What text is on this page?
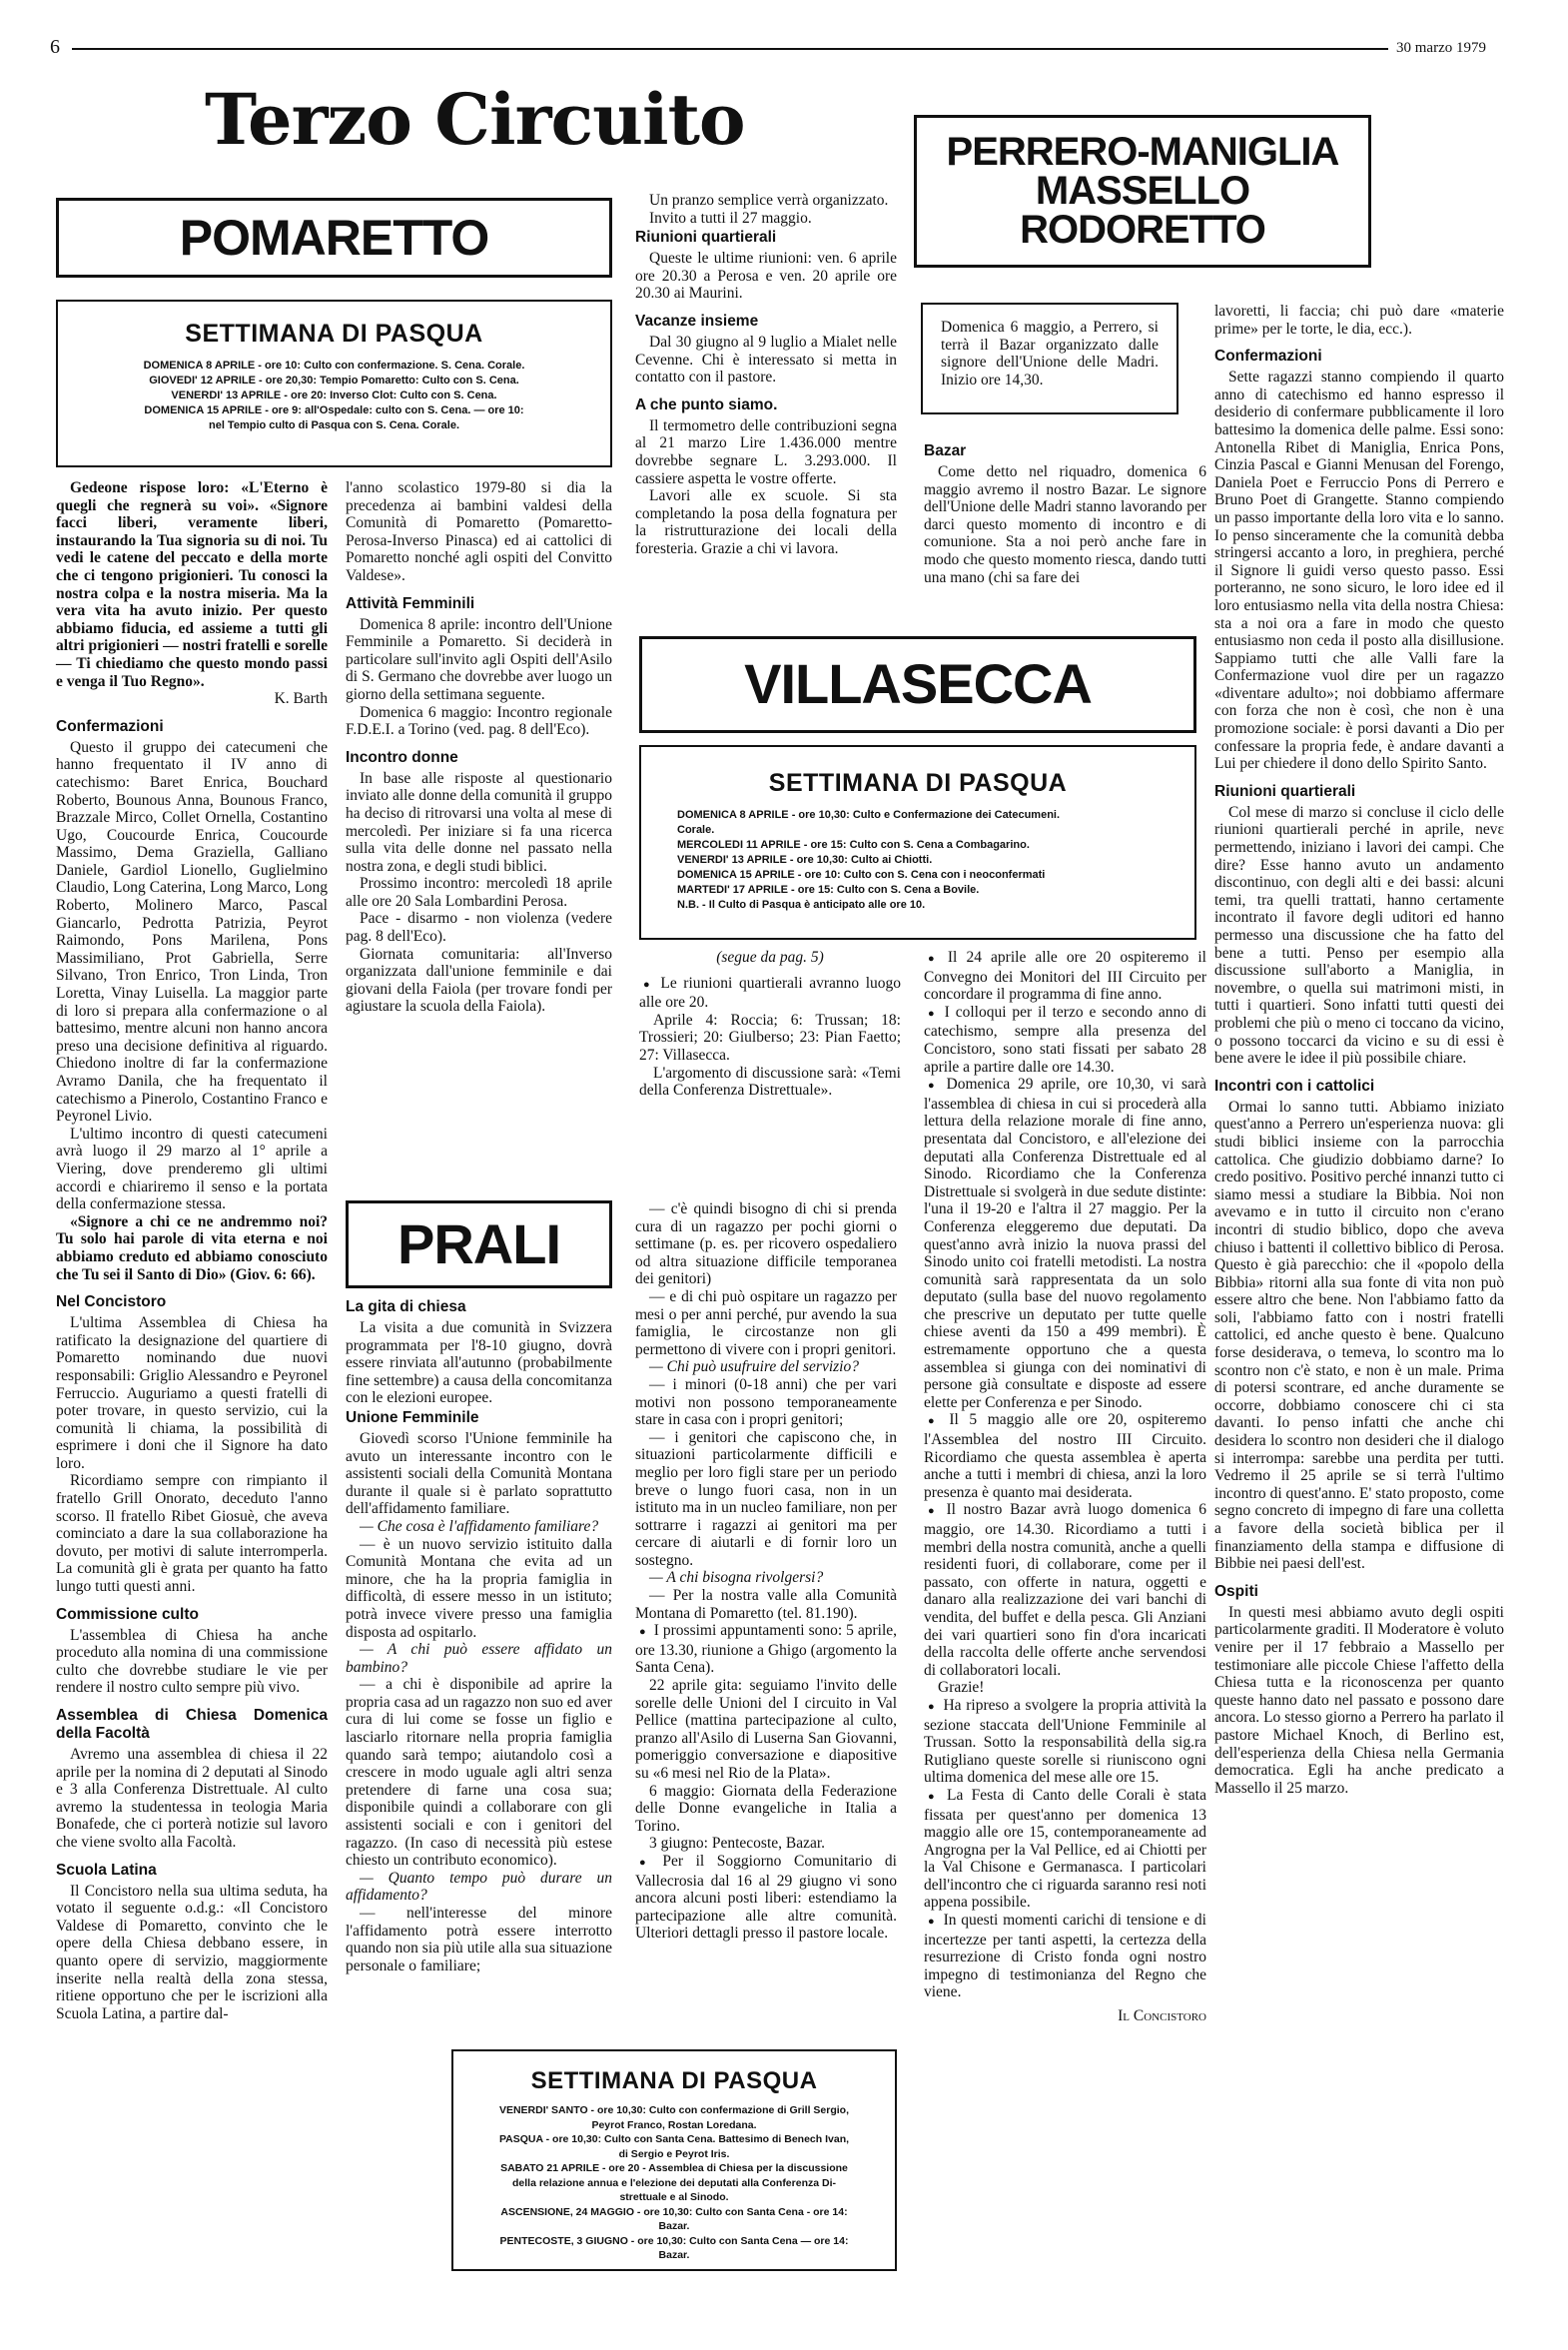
6	30 marzo 1979
Terzo Circuito
POMARETTO
SETTIMANA DI PASQUA
DOMENICA 8 APRILE - ore 10: Culto con confermazione. S. Cena. Corale.
GIOVEDI' 12 APRILE - ore 20,30: Tempio Pomaretto: Culto con S. Cena.
VENERDI' 13 APRILE - ore 20: Inverso Clot: Culto con S. Cena.
DOMENICA 15 APRILE - ore 9: all'Ospedale: culto con S. Cena. — ore 10:
nel Tempio culto di Pasqua con S. Cena. Corale.

Gedeone rispose loro: «L'Eterno è quegli che regnerà su voi». «Signore facci liberi, veramente liberi, instaurando la Tua signoria su di noi. Tu vedi le catene del peccato e della morte che ci tengono prigionieri. Tu conosci la nostra colpa e la nostra miseria. Ma la vera vita ha avuto inizio. Per questo abbiamo fiducia, ed assieme a tutti gli altri prigionieri — nostri fratelli e sorelle — Ti chiediamo che questo mondo passi e venga il Tuo Regno».

K. Barth

Confermazioni

Questo il gruppo dei catecumeni che hanno frequentato il IV anno di catechismo: Baret Enrica, Bouchard Roberto, Bounous Anna, Bounous Franco, Brazzale Mirco, Collet Ornella, Costantino Ugo, Coucourde Enrica, Coucourde Massimo, Dema Graziella, Galliano Daniele, Gardiol Lionello, Guglielmino Claudio, Long Caterina, Long Marco, Long Roberto, Molinero Marco, Pascal Giancarlo, Pedrotta Patrizia, Peyrot Raimondo, Pons Marilena, Pons Massimiliano, Prot Gabriella, Serre Silvano, Tron Enrico, Tron Linda, Tron Loretta, Vinay Luisella. La maggior parte di loro si prepara alla confermazione o al battesimo, mentre alcuni non hanno ancora preso una decisione definitiva al riguardo. Chiedono inoltre di far la confermazione Avramo Danila, che ha frequentato il catechismo a Pinerolo, Costantino Franco e Peyronel Livio.

L'ultimo incontro di questi catecumeni avrà luogo il 29 marzo al 1° aprile a Viering, dove prenderemo gli ultimi accordi e chiariremo il senso e la portata della confermazione stessa.

«Signore a chi ce ne andremmo noi? Tu solo hai parole di vita eterna e noi abbiamo creduto ed abbiamo conosciuto che Tu sei il Santo di Dio» (Giov. 6: 66).

Nel Concistoro

L'ultima Assemblea di Chiesa ha ratificato la designazione del quartiere di Pomaretto nominando due nuovi responsabili: Griglio Alessandro e Peyronel Ferruccio. Auguriamo a questi fratelli di poter trovare, in questo servizio, cui la comunità li chiama, la possibilità di esprimere i doni che il Signore ha dato loro.

Ricordiamo sempre con rimpianto il fratello Grill Onorato, deceduto l'anno scorso. Il fratello Ribet Giosuè, che aveva cominciato a dare la sua collaborazione ha dovuto, per motivi di salute interromperla. La comunità gli è grata per quanto ha fatto lungo tutti questi anni.

Commissione culto

L'assemblea di Chiesa ha anche proceduto alla nomina di una commissione culto che dovrebbe studiare le vie per rendere il nostro culto sempre più vivo.

Assemblea di Chiesa Domenica della Facoltà

Avremo una assemblea di chiesa il 22 aprile per la nomina di 2 deputati al Sinodo e 3 alla Conferenza Distrettuale. Al culto avremo la studentessa in teologia Maria Bonafede, che ci porterà notizie sul lavoro che viene svolto alla Facoltà.

Scuola Latina

Il Concistoro nella sua ultima seduta, ha votato il seguente o.d.g.: «Il Concistoro Valdese di Pomaretto, convinto che le opere della Chiesa debbano essere, in quanto opere di servizio, maggiormente inserite nella realtà della zona stessa, ritiene opportuno che per le iscrizioni alla Scuola Latina, a partire dal-

l'anno scolastico 1979-80 si dia la precedenza ai bambini valdesi della Comunità di Pomaretto (Pomaretto-Perosa-Inverso Pinasca) ed ai cattolici di Pomaretto nonché agli ospiti del Convitto Valdese».

Attività Femminili

Domenica 8 aprile: incontro dell'Unione Femminile a Pomaretto. Si deciderà in particolare sull'invito agli Ospiti dell'Asilo di S. Germano che dovrebbe aver luogo un giorno della settimana seguente.

Domenica 6 maggio: Incontro regionale F.D.E.I. a Torino (ved. pag. 8 dell'Eco).

Incontro donne

In base alle risposte al questionario inviato alle donne della comunità il gruppo ha deciso di ritrovarsi una volta al mese di mercoledì. Per iniziare si fa una ricerca sulla vita delle donne nel passato nella nostra zona, e degli studi biblici.

Prossimo incontro: mercoledì 18 aprile alle ore 20 Sala Lombardini Perosa.

Pace - disarmo - non violenza (vedere pag. 8 dell'Eco).

Giornata comunitaria: all'Inverso organizzata dall'unione femminile e dai giovani della Faiola (per trovare fondi per agiustare la scuola della Faiola).

Un pranzo semplice verrà organizzato.

Invito a tutti il 27 maggio.

Riunioni quartierali

Queste le ultime riunioni: ven. 6 aprile ore 20.30 a Perosa e ven. 20 aprile ore 20.30 ai Maurini.

Vacanze insieme

Dal 30 giugno al 9 luglio a Mialet nelle Cevenne. Chi è interessato si metta in contatto con il pastore.

A che punto siamo.

Il termometro delle contribuzioni segna al 21 marzo Lire 1.436.000 mentre dovrebbe segnare L. 3.293.000. Il cassiere aspetta le vostre offerte.

Lavori alle ex scuole. Si sta completando la posa della fognatura per la ristrutturazione dei locali della foresteria. Grazie a chi vi lavora.

PERRERO-MANIGLIA
MASSELLO
RODORETTO
Domenica 6 maggio, a Perrero, si terrà il Bazar organizzato dalle signore dell'Unione delle Madri. Inizio ore 14,30.
Bazar

Come detto nel riquadro, domenica 6 maggio avremo il nostro Bazar. Le signore dell'Unione delle Madri stanno lavorando per darci questo momento di incontro e di comunione. Sta a noi però anche fare in modo che questo momento riesca, dando tutti una mano (chi sa fare dei

lavoretti, li faccia; chi può dare «materie prime» per le torte, le dia, ecc.).

Confermazioni

Sette ragazzi stanno compiendo il quarto anno di catechismo ed hanno espresso il desiderio di confermare pubblicamente il loro battesimo la domenica delle palme. Essi sono: Antonella Ribet di Maniglia, Enrica Pons, Cinzia Pascal e Gianni Menusan del Forengo, Daniela Poet e Ferruccio Pons di Perrero e Bruno Poet di Grangette. Stanno compiendo un passo importante della loro vita e lo sanno. Io penso sinceramente che la comunità debba stringersi accanto a loro, in preghiera, perché il Signore li guidi verso questo passo. Essi porteranno, ne sono sicuro, le loro idee ed il loro entusiasmo nella vita della nostra Chiesa: sta a noi ora a fare in modo che questo entusiasmo non ceda il posto alla disillusione. Sappiamo tutti che alle Valli fare la Confermazione vuol dire per un ragazzo «diventare adulto»; noi dobbiamo affermare con forza che non è così, che non è una promozione sociale: è porsi davanti a Dio per confessare la propria fede, è andare davanti a Lui per chiedere il dono dello Spirito Santo.

Riunioni quartierali

Col mese di marzo si concluse il ciclo delle riunioni quartierali perché in aprile, nevε permettendo, iniziano i lavori dei campi. Che dire? Esse hanno avuto un andamento discontinuo, con degli alti e dei bassi: alcuni temi, tra quelli trattati, hanno certamente incontrato il favore degli uditori ed hanno permesso una discussione che ha fatto del bene a tutti. Penso per esempio alla discussione sull'aborto a Maniglia, in novembre, o quella sui matrimoni misti, in tutti i quartieri. Sono infatti tutti questi dei problemi che più o meno ci toccano da vicino, o possono toccarci da vicino e su di essi è bene avere le idee il più possibile chiare.

Incontri con i cattolici

Ormai lo sanno tutti. Abbiamo iniziato quest'anno a Perrero un'esperienza nuova: gli studi biblici insieme con la parrocchia cattolica. Che giudizio dobbiamo darne? Io credo positivo. Positivo perché innanzi tutto ci siamo messi a studiare la Bibbia. Noi non avevamo e in tutto il circuito non c'erano incontri di studio biblico, dopo che aveva chiuso i battenti il collettivo biblico di Perosa. Questo è già parecchio: che il «popolo della Bibbia» ritorni alla sua fonte di vita non può essere altro che bene. Non l'abbiamo fatto da soli, l'abbiamo fatto con i nostri fratelli cattolici, ed anche questo è bene. Qualcuno forse desiderava, o temeva, lo scontro ma lo scontro non c'è stato, e non è un male. Prima di potersi scontrare, ed anche duramente se occorre, dobbiamo conoscere chi ci sta davanti. Io penso infatti che anche chi desidera lo scontro non desideri che il dialogo si interrompa: sarebbe una perdita per tutti. Vedremo il 25 aprile se si terrà l'ultimo incontro di quest'anno. E' stato proposto, come segno concreto di impegno di fare una colletta a favore della società biblica per il finanziamento della stampa e diffusione di Bibbie nei paesi dell'est.

Ospiti

In questi mesi abbiamo avuto degli ospiti particolarmente graditi. Il Moderatore è voluto venire per il 17 febbraio a Massello per testimoniare alle piccole Chiese l'affetto della Chiesa tutta e la riconoscenza per quanto queste hanno dato nel passato e possono dare ancora. Lo stesso giorno a Perrero ha parlato il pastore Michael Knoch, di Berlino est, dell'esperienza della Chiesa nella Germania democratica. Egli ha anche predicato a Massello il 25 marzo.

VILLASECCA
SETTIMANA DI PASQUA
DOMENICA 8 APRILE - ore 10,30: Culto e Confermazione dei Catecumeni.
Corale.
MERCOLEDI 11 APRILE - ore 15: Culto con S. Cena a Combagarino.
VENERDI' 13 APRILE - ore 10,30: Culto ai Chiotti.
DOMENICA 15 APRILE - ore 10: Culto con S. Cena con i neoconfermati
MARTEDI' 17 APRILE - ore 15: Culto con S. Cena a Bovile.
N.B. - Il Culto di Pasqua è anticipato alle ore 10.

(segue da pag. 5)

● Le riunioni quartierali avranno luogo alle ore 20.

Aprile 4: Roccia; 6: Trussan; 18: Trossieri; 20: Giulberso; 23: Pian Faetto; 27: Villasecca.

L'argomento di discussione sarà: «Temi della Conferenza Distrettuale».

● Il 24 aprile alle ore 20 ospiteremo il Convegno dei Monitori del III Circuito per concordare il programma di fine anno.

● I colloqui per il terzo e secondo anno di catechismo, sempre alla presenza del Concistoro, sono stati fissati per sabato 28 aprile a partire dalle ore 14.30.

● Domenica 29 aprile, ore 10,30, vi sarà l'assemblea di chiesa in cui si procederà alla lettura della relazione morale di fine anno, presentata dal Concistoro, e all'elezione dei deputati alla Conferenza Distrettuale ed al Sinodo. Ricordiamo che la Conferenza Distrettuale si svolgerà in due sedute distinte: l'una il 19-20 e l'altra il 27 maggio. Per la Conferenza eleggeremo due deputati. Da quest'anno avrà inizio la nuova prassi del Sinodo unito coi fratelli metodisti. La nostra comunità sarà rappresentata da un solo deputato (sulla base del nuovo regolamento che prescrive un deputato per tutte quelle chiese aventi da 150 a 499 membri). È estremamente opportuno che a questa assemblea si giunga con dei nominativi di persone già consultate e disposte ad essere elette per Conferenza e per Sinodo.

● Il 5 maggio alle ore 20, ospiteremo l'Assemblea del nostro III Circuito. Ricordiamo che questa assemblea è aperta anche a tutti i membri di chiesa, anzi la loro presenza è quanto mai desiderata.

● Il nostro Bazar avrà luogo domenica 6 maggio, ore 14.30. Ricordiamo a tutti i membri della nostra comunità, anche a quelli residenti fuori, di collaborare, come per il passato, con offerte in natura, oggetti e danaro alla realizzazione dei vari banchi di vendita, del buffet e della pesca. Gli Anziani dei vari quartieri sono fin d'ora incaricati della raccolta delle offerte anche servendosi di collaboratori locali.

Grazie!

● Ha ripreso a svolgere la propria attività la sezione staccata dell'Unione Femminile al Trussan. Sotto la responsabilità della sig.ra Rutigliano queste sorelle si riuniscono ogni ultima domenica del mese alle ore 15.

● La Festa di Canto delle Corali è stata fissata per quest'anno per domenica 13 maggio alle ore 15, contemporaneamente ad Angrogna per la Val Pellice, ed ai Chiotti per la Val Chisone e Germanasca. I particolari dell'incontro che ci riguarda saranno resi noti appena possibile.

● In questi momenti carichi di tensione e di incertezze per tanti aspetti, la certezza della resurrezione di Cristo fonda ogni nostro impegno di testimonianza del Regno che viene.

Il Concistoro

PRALI
La gita di chiesa

La visita a due comunità in Svizzera programmata per l'8-10 giugno, dovrà essere rinviata all'autunno (probabilmente fine settembre) a causa della concomitanza con le elezioni europee.

Unione Femminile

Giovedì scorso l'Unione femminile ha avuto un interessante incontro con le assistenti sociali della Comunità Montana durante il quale si è parlato soprattutto dell'affidamento familiare.

— Che cosa è l'affidamento familiare?

— è un nuovo servizio istituito dalla Comunità Montana che evita ad un minore, che ha la propria famiglia in difficoltà, di essere messo in un istituto; potrà invece vivere presso una famiglia disposta ad ospitarlo.

— A chi può essere affidato un bambino?

— a chi è disponibile ad aprire la propria casa ad un ragazzo non suo ed aver cura di lui come se fosse un figlio e lasciarlo ritornare nella propria famiglia quando sarà tempo; aiutandolo così a crescere in modo uguale agli altri senza pretendere di farne una cosa sua; disponibile quindi a collaborare con gli assistenti sociali e con i genitori del ragazzo. (In caso di necessità più estese chiesto un contributo economico).

— Quanto tempo può durare un affidamento?

— nell'interesse del minore l'affidamento potrà essere interrotto quando non sia più utile alla sua situazione personale o familiare;

— c'è quindi bisogno di chi si prenda cura di un ragazzo per pochi giorni o settimane (p. es. per ricovero ospedaliero od altra situazione difficile temporanea dei genitori)

— e di chi può ospitare un ragazzo per mesi o per anni perché, pur avendo la sua famiglia, le circostanze non gli permettono di vivere con i propri genitori.

— Chi può usufruire del servizio?

— i minori (0-18 anni) che per vari motivi non possono temporaneamente stare in casa con i propri genitori;

— i genitori che capiscono che, in situazioni particolarmente difficili e meglio per loro figli stare per un periodo breve o lungo fuori casa, non in un istituto ma in un nucleo familiare, non per sottrarre i ragazzi ai genitori ma per cercare di aiutarli e di fornir loro un sostegno.

— A chi bisogna rivolgersi?

— Per la nostra valle alla Comunità Montana di Pomaretto (tel. 81.190).

● I prossimi appuntamenti sono: 5 aprile, ore 13.30, riunione a Ghigo (argomento la Santa Cena).

22 aprile gita: seguiamo l'invito delle sorelle delle Unioni del I circuito in Val Pellice (mattina partecipazione al culto, pranzo all'Asilo di Luserna San Giovanni, pomeriggio conversazione e diapositive su «6 mesi nel Rio de la Plata».

6 maggio: Giornata della Federazione delle Donne evangeliche in Italia a Torino.

3 giugno: Pentecoste, Bazar.

● Per il Soggiorno Comunitario di Vallecrosia dal 16 al 29 giugno vi sono ancora alcuni posti liberi: estendiamo la partecipazione alle altre comunità. Ulteriori dettagli presso il pastore locale.

SETTIMANA DI PASQUA
VENERDI' SANTO - ore 10,30: Culto con confermazione di Grill Sergio,
Peyrot Franco, Rostan Loredana.
PASQUA - ore 10,30: Culto con Santa Cena. Battesimo di Benech Ivan,
di Sergio e Peyrot Iris.
SABATO 21 APRILE - ore 20 - Assemblea di Chiesa per la discussione
della relazione annua e l'elezione dei deputati alla Conferenza Di-
strettuale e al Sinodo.
ASCENSIONE, 24 MAGGIO - ore 10,30: Culto con Santa Cena - ore 14:
Bazar.
PENTECOSTE, 3 GIUGNO - ore 10,30: Culto con Santa Cena — ore 14:
Bazar.
